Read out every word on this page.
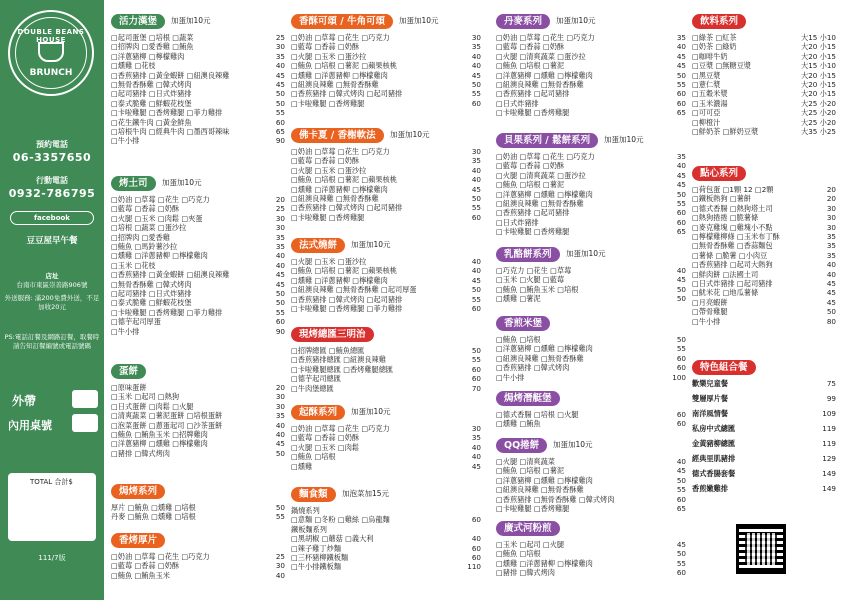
DOUBLE BEANS HOUSE
BRUNCH
預約電話
06-3357650
行動電話
0932-786795
facebook
豆豆屋早午餐
店址
台南市東區崇善路906號
外送服務: 滿200免費外送，不足加收20元
PS:電話訂餐及網路訂餐，取餐時請告知訂餐編號或電話號碼
外帶
內用桌號
TOTAL 合計$
111/7版
活力漢堡	加蛋加10元
□起司蛋堡 □培根 □蔬菜	25
□招牌肉 □愛香雞 □鮪魚	30
□洋蔥豬柳 □檸檬雞肉	35
□燻雞 □花枝	40
□香煎豬排 □黃金蝦餅 □紐澳良辣雞	45
□無骨香酥雞 □韓式烤肉	45
□起司豬排 □日式炸豬排	50
□泰式脆雞 □鮮蝦花枝堡	50
□卡啦雞腿 □香烤雞腿 □菲力雞排	55
□花生鐵牛肉 □黃金鮮魚	60
□培根牛肉 □經典牛肉 □墨西哥辣味	65
□牛小排	90
烤土司	加蛋加10元
□奶油 □草莓 □花生 □巧克力	20
□藍莓 □香蒜 □奶酥	25
□火腿 □玉米 □肉鬆 □夾蛋	30
□培根 □蔬菜 □蛋沙拉	30
□招牌肉 □愛香雞	35
□鮪魚 □馬鈴薯沙拉	35
□燻雞 □洋蔥豬柳 □檸檬雞肉	40
□玉米 □花枝	40
□香煎豬排 □黃金蝦餅 □紐澳良辣雞	45
□無骨香酥雞 □韓式烤肉	45
□起司豬排 □日式炸豬排	50
□泰式脆雞 □鮮蝦花枝堡	50
□卡啦雞腿 □香烤雞腿 □菲力雞排	55
□德芋起司厚蛋	60
□牛小排	90
蛋餅
□原味蛋餅	20
□玉米 □起司 □熱狗	30
□日式蛋餅 □肉鬆 □火腿	30
□清爽蔬菜 □薯泥蛋餅 □培根蛋餅	35
□泡菜蛋餅 □蔥蛋起司 □沙茶蛋餅	40
□鮪魚 □鮪魚玉米 □招牌雞肉	40
□洋蔥豬柳 □燻雞 □檸檬雞肉	45
□豬排 □韓式烤肉	50
焗烤系列
厚片 □鮪魚 □燻雞 □培根	50
丹麥 □鮪魚 □燻雞 □培根	55
香烤厚片
□奶油 □草莓 □花生 □巧克力	25
□藍莓 □香蒜 □奶酥	30
□鮪魚 □鮪魚玉米	40
香酥可頌 / 牛角可頌	加蛋加10元
□奶油 □草莓 □花生 □巧克力	30
□藍莓 □香蒜 □奶酥	35
□火腿 □玉米 □蛋沙拉	40
□鮪魚 □培根 □薯泥 □蘋果核桃	40
□燻雞 □洋蔥豬柳 □檸檬雞肉	45
□紐澳良辣雞 □無骨香酥雞	50
□香煎豬排 □韓式烤肉 □起司豬排	55
□卡啦雞腿 □香烤雞腿	60
佛卡夏 / 香榭軟法	加蛋加10元
□奶油 □草莓 □花生 □巧克力	30
□藍莓 □香蒜 □奶酥	35
□火腿 □玉米 □蛋沙拉	40
□鮪魚 □培根 □薯泥 □蘋果核桃	40
□燻雞 □洋蔥豬柳 □檸檬雞肉	45
□紐澳良辣雞 □無骨香酥雞	50
□香煎豬排 □韓式烤肉 □起司豬排	55
□卡啦雞腿 □香烤雞腿	60
法式燒餅	加蛋加10元
□火腿 □玉米 □蛋沙拉	40
□鮪魚 □培根 □薯泥 □蘋果核桃	40
□燻雞 □洋蔥豬柳 □檸檬雞肉	45
□紐澳良辣雞 □無骨香酥雞 □起司厚蛋	50
□香煎豬排 □韓式烤肉 □起司豬排	55
□卡啦雞腿 □香烤雞腿 □菲力雞排	60
現烤總匯三明治
□招牌總匯 □鮪魚總匯	50
□香煎豬排總匯 □紐澳良辣雞	55
□卡啦雞腿總匯 □香烤雞腿總匯	60
□德芋起司總匯	60
□牛肉堡總匯	70
起酥系列	加蛋加10元
□奶油 □草莓 □花生 □巧克力	30
□藍莓 □香蒜 □奶酥	35
□火腿 □玉米 □肉鬆	40
□鮪魚 □培根	40
□燻雞	45
麵食類	加泡菜加15元
鍋燒系列
□意麵 □冬粉 □雞絲 □烏龍麵	60
鐵板麵系列
□黑胡椒 □蘑菇 □義大利	40
□辣子雞丁炒麵	60
□三杯豬柳鐵板麵	60
□牛小排鐵板麵	110
丹麥系列	加蛋加10元
□奶油 □草莓 □花生 □巧克力	35
□藍莓 □香蒜 □奶酥	40
□火腿 □清爽蔬菜 □蛋沙拉	45
□鮪魚 □培根 □薯泥	45
□洋蔥豬柳 □燻雞 □檸檬雞肉	50
□紐澳良辣雞 □無骨香酥雞	55
□香煎豬排 □起司豬排	60
□日式炸豬排	60
□卡啦雞腿 □香烤雞腿	65
貝果系列 / 鬆餅系列	加蛋加10元
□奶油 □草莓 □花生 □巧克力	35
□藍莓 □香蒜 □奶酥	40
□火腿 □清爽蔬菜 □蛋沙拉	45
□鮪魚 □培根 □薯泥	45
□洋蔥豬柳 □燻雞 □檸檬雞肉	50
□紐澳良辣雞 □無骨香酥雞	55
□香煎豬排 □起司豬排	60
□日式炸豬排	60
□卡啦雞腿 □香烤雞腿	65
乳酪餅系列	加蛋加10元
□巧克力 □花生 □草莓	40
□玉米 □火腿 □藍莓	45
□鮪魚 □鮪魚玉米 □培根	50
□燻雞 □薯泥	50
香煎米堡
□鮪魚 □培根	50
□洋蔥豬柳 □燻雞 □檸檬雞肉	55
□紐澳良辣雞 □無骨香酥雞	60
□香煎豬排 □韓式烤肉	60
□牛小排	100
焗烤潛艇堡
□德式香腸 □培根 □火腿	60
□燻雞 □鮪魚	60
QQ捲餅	加蛋加10元
□火腿 □清爽蔬菜	40
□鮪魚 □培根 □薯泥	45
□洋蔥豬柳 □燻雞 □檸檬雞肉	50
□紐澳良辣雞 □無骨香酥雞	55
□香煎豬排 □無骨香酥雞 □韓式烤肉	60
□卡啦雞腿 □香烤雞腿	65
廣式河粉煎
□玉米 □起司 □火腿	45
□鮪魚 □培根	50
□燻雞 □洋蔥豬柳 □檸檬雞肉	55
□豬排 □韓式烤肉	60
飲料系列
□綠茶 □紅茶	大15 小10
□奶茶 □綠奶	大20 小15
□咖啡牛奶	大20 小15
□豆漿 □無糖豆漿	大15 小10
□黑豆漿	大20 小15
□薏仁漿	大20 小15
□五穀米漿	大20 小15
□玉米濃湯	大25 小20
□可可亞	大25 小20
□柳橙汁	大25 小20
□鮮奶茶 □鮮奶豆漿	大35 小25
點心系列
□荷包蛋 □1顆 12 □2顆	20
□鐵板熱狗 □薯餅	20
□德式香腸 □熱狗塔土司	30
□熱狗捲捲 □脆薯條	30
□麥克雞塊 □雞塊小不點	30
□檸檬雞柳條 □玉米布丁酥	35
□無骨香酥雞 □香蒜麵包	35
□薯條 □脆薯 □小肉豆	35
□香煎豬排 □起司大熱狗	40
□鮮肉餅 □法國土司	40
□日式炸豬排 □起司豬排	45
□魷米花 □地瓜薯條	45
□月亮蝦餅	45
□帶骨雞腿	50
□牛小排	80
特色組合餐
歡樂兒童餐	75
雙層厚片餐	99
南洋風情餐	109
私房中式總匯	119
金黃豬柳總匯	119
經典里肌豬排	129
德式香腸套餐	149
香煎嫩雞排	149
